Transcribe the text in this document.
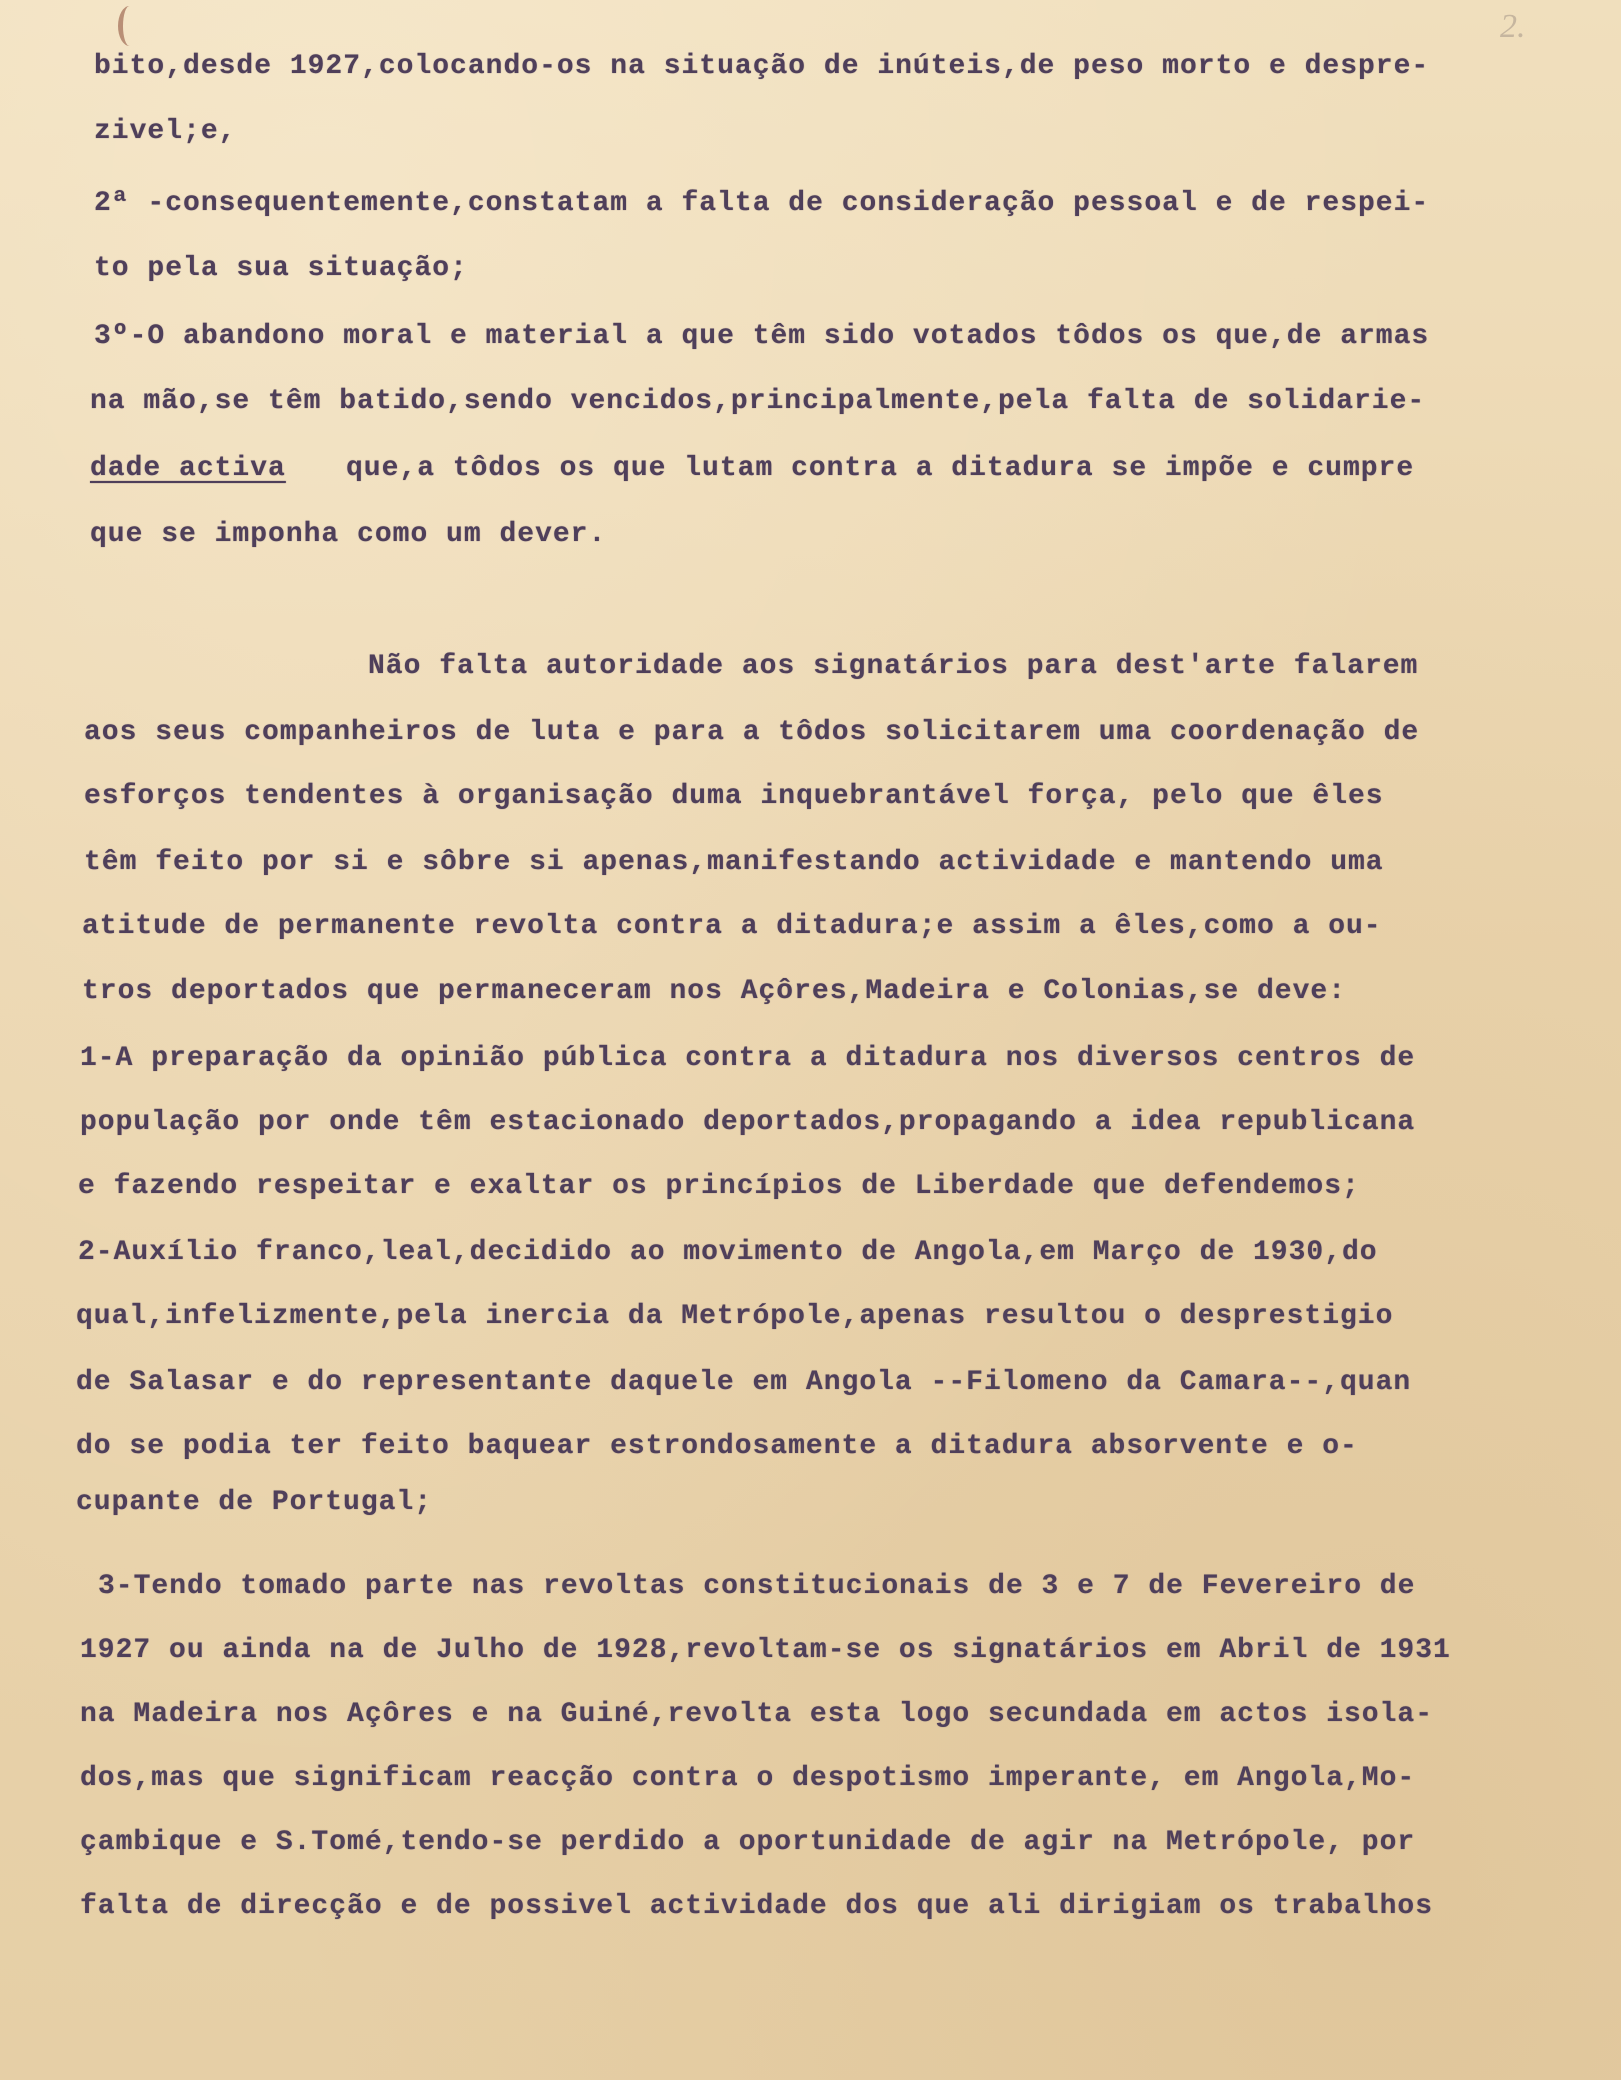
2.
bito,desde 1927,colocando-os na situação de inúteis,de peso morto e despre-
zivel;e,
2ª -consequentemente,constatam a falta de consideração pessoal e de respei-
to pela sua situação;
3º-O abandono moral e material a que têm sido votados tôdos os que,de armas
na mão,se têm batido,sendo vencidos,principalmente,pela falta de solidarie-
dade activa que,a tôdos os que lutam contra a ditadura se impõe e cumpre
que se imponha como um dever.
Não falta autoridade aos signatários para dest'arte falarem
aos seus companheiros de luta e para a tôdos solicitarem uma coordenação de
esforços tendentes à organisação duma inquebrantável força, pelo que êles
têm feito por si e sôbre si apenas,manifestando actividade e mantendo uma
atitude de permanente revolta contra a ditadura;e assim a êles,como a ou-
tros deportados que permaneceram nos Açôres,Madeira e Colonias,se deve:
1-A preparação da opinião pública contra a ditadura nos diversos centros de
população por onde têm estacionado deportados,propagando a idea republicana
e fazendo respeitar e exaltar os princípios de Liberdade que defendemos;
2-Auxílio franco,leal,decidido ao movimento de Angola,em Março de 1930,do
qual,infelizmente,pela inercia da Metrópole,apenas resultou o desprestigio
de Salasar e do representante daquele em Angola --Filomeno da Camara--,quan
do se podia ter feito baquear estrondosamente a ditadura absorvente e o-
cupante de Portugal;
3-Tendo tomado parte nas revoltas constitucionais de 3 e 7 de Fevereiro de
1927 ou ainda na de Julho de 1928,revoltam-se os signatários em Abril de 1931
na Madeira nos Açôres e na Guiné,revolta esta logo secundada em actos isola-
dos,mas que significam reacção contra o despotismo imperante, em Angola,Mo-
çambique e S.Tomé,tendo-se perdido a oportunidade de agir na Metrópole, por
falta de direcção e de possivel actividade dos que ali dirigiam os trabalhos
